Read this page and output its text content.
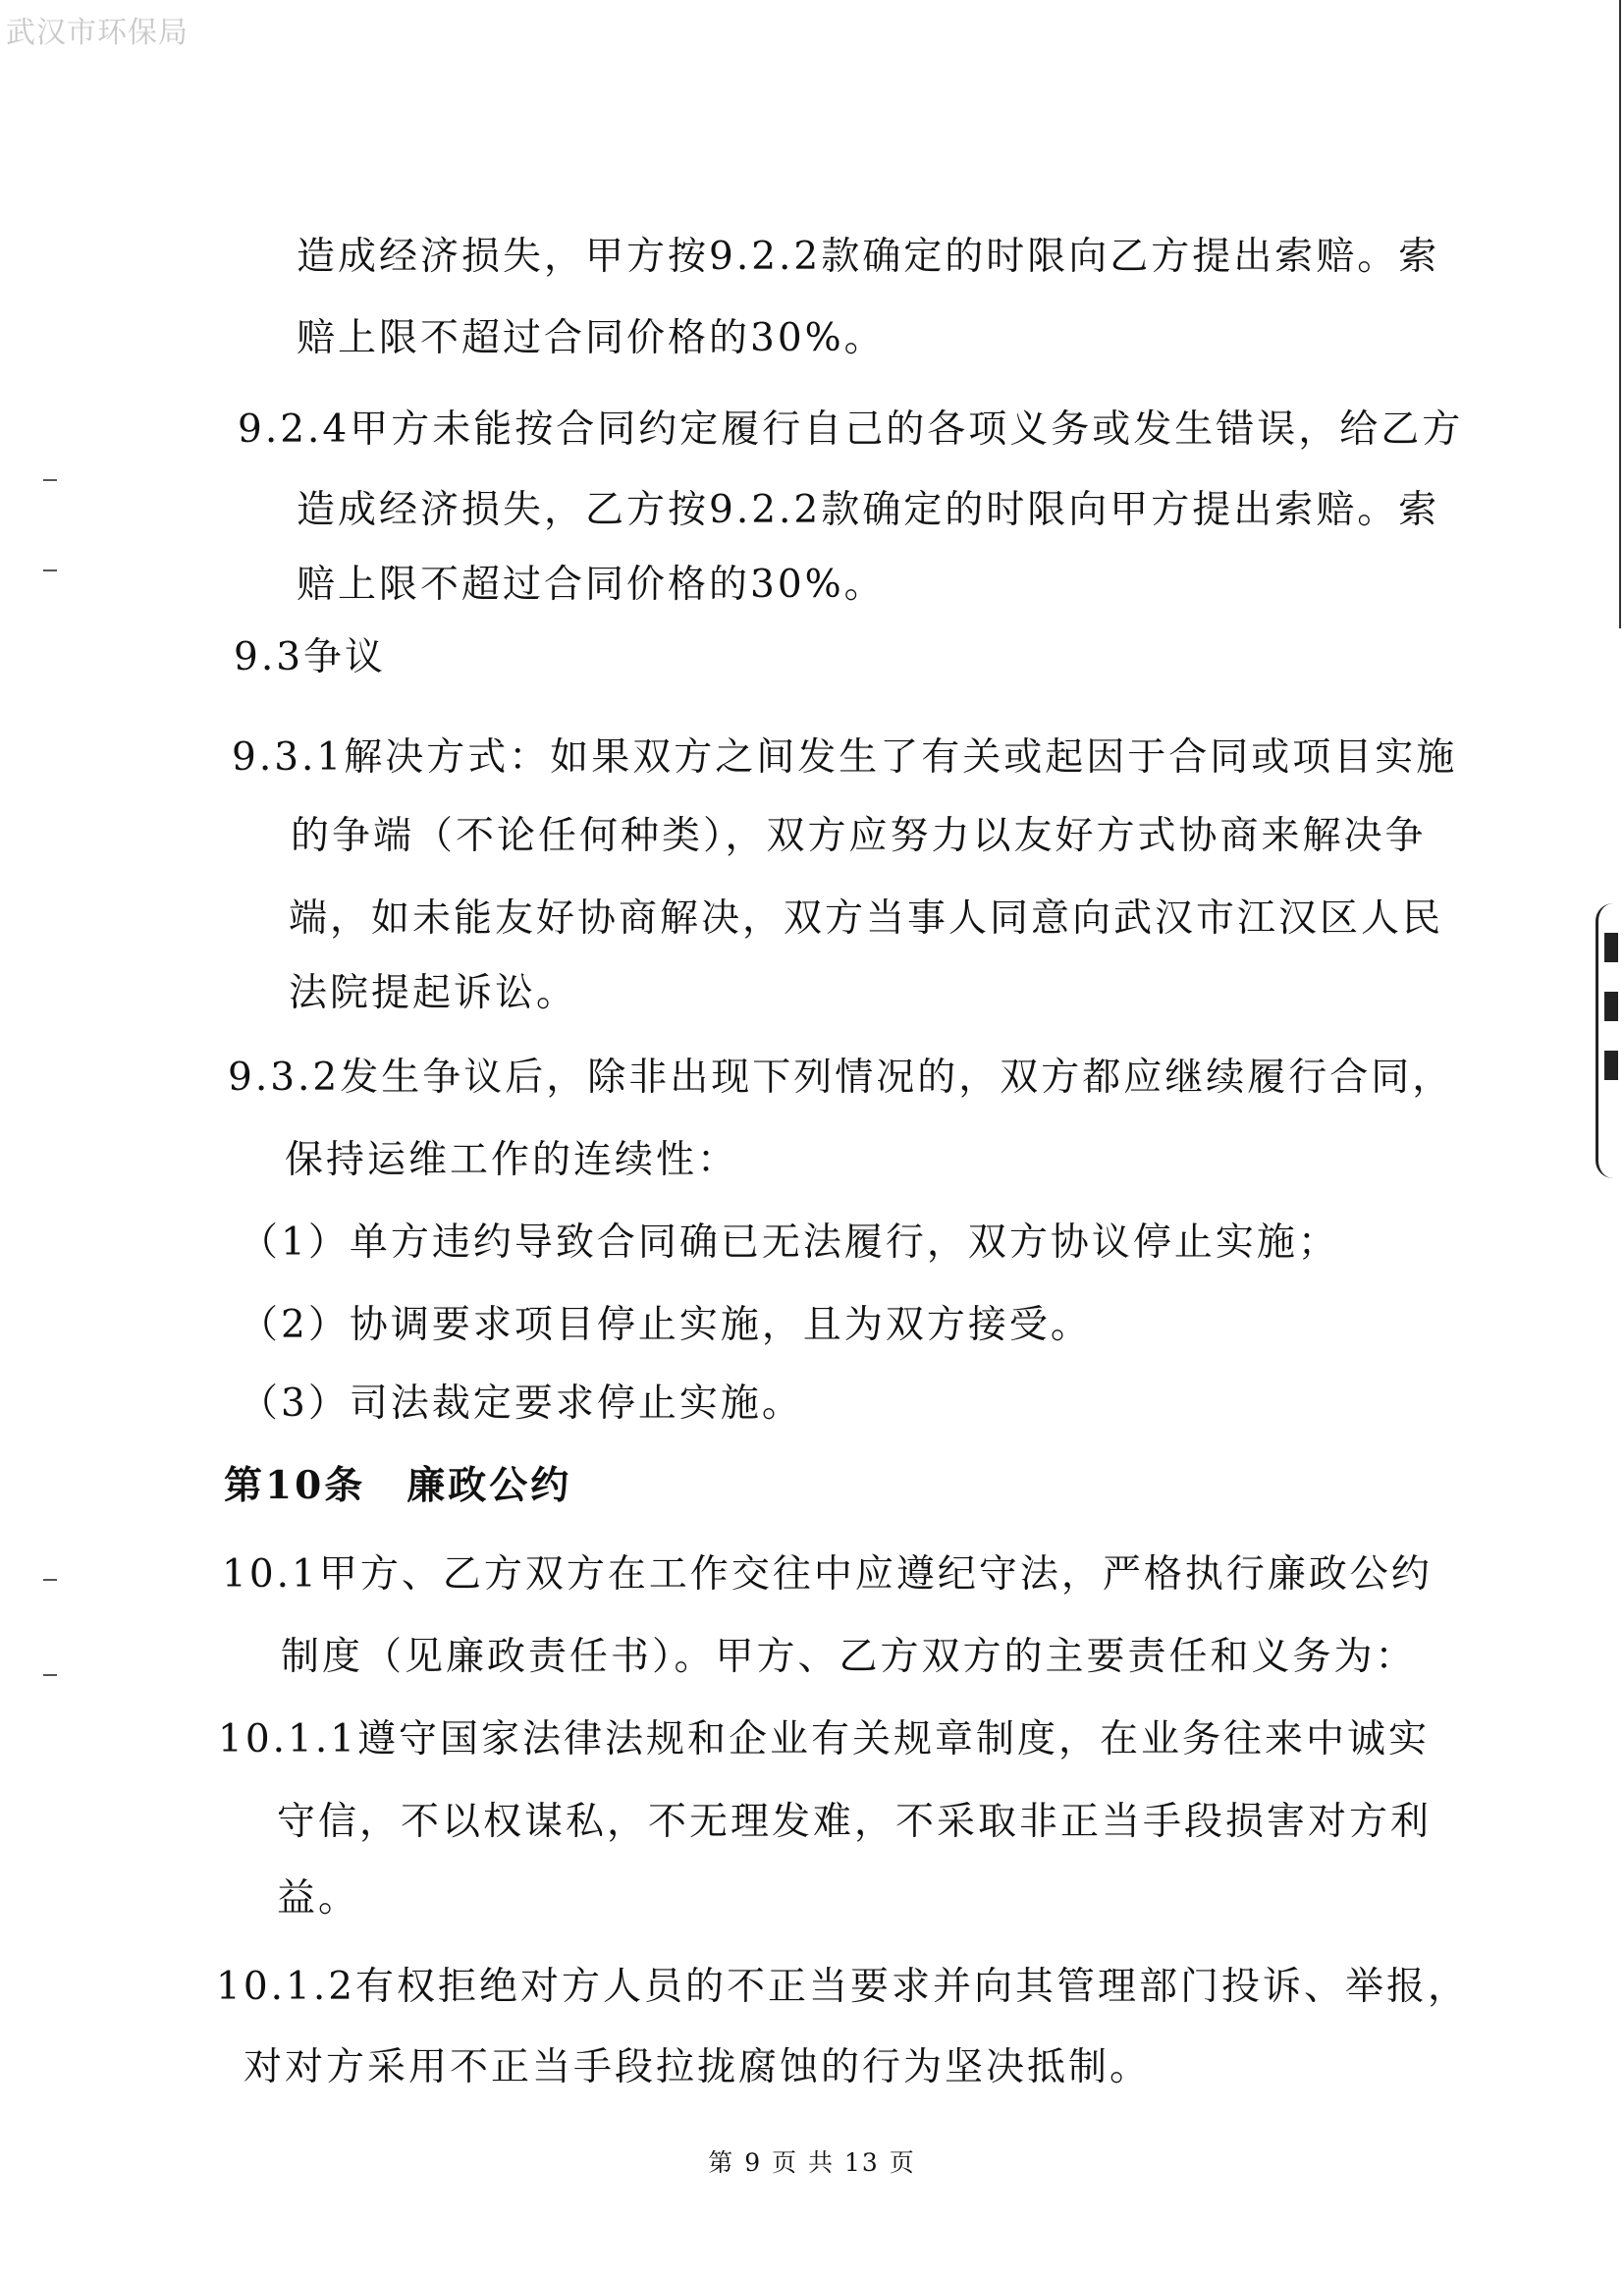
武汉市环保局
造成经济损失，甲方按9.2.2款确定的时限向乙方提出索赔。索
赔上限不超过合同价格的30%。
9.2.4甲方未能按合同约定履行自己的各项义务或发生错误，给乙方
造成经济损失，乙方按9.2.2款确定的时限向甲方提出索赔。索
赔上限不超过合同价格的30%。
9.3争议
9.3.1解决方式：如果双方之间发生了有关或起因于合同或项目实施
的争端（不论任何种类），双方应努力以友好方式协商来解决争
端，如未能友好协商解决，双方当事人同意向武汉市江汉区人民
法院提起诉讼。
9.3.2发生争议后，除非出现下列情况的，双方都应继续履行合同，
保持运维工作的连续性：
（1）单方违约导致合同确已无法履行，双方协议停止实施；
（2）协调要求项目停止实施，且为双方接受。
（3）司法裁定要求停止实施。
第10条　廉政公约
10.1甲方、乙方双方在工作交往中应遵纪守法，严格执行廉政公约
制度（见廉政责任书）。甲方、乙方双方的主要责任和义务为：
10.1.1遵守国家法律法规和企业有关规章制度，在业务往来中诚实
守信，不以权谋私，不无理发难，不采取非正当手段损害对方利
益。
10.1.2有权拒绝对方人员的不正当要求并向其管理部门投诉、举报，
对对方采用不正当手段拉拢腐蚀的行为坚决抵制。
第 9 页 共 13 页
